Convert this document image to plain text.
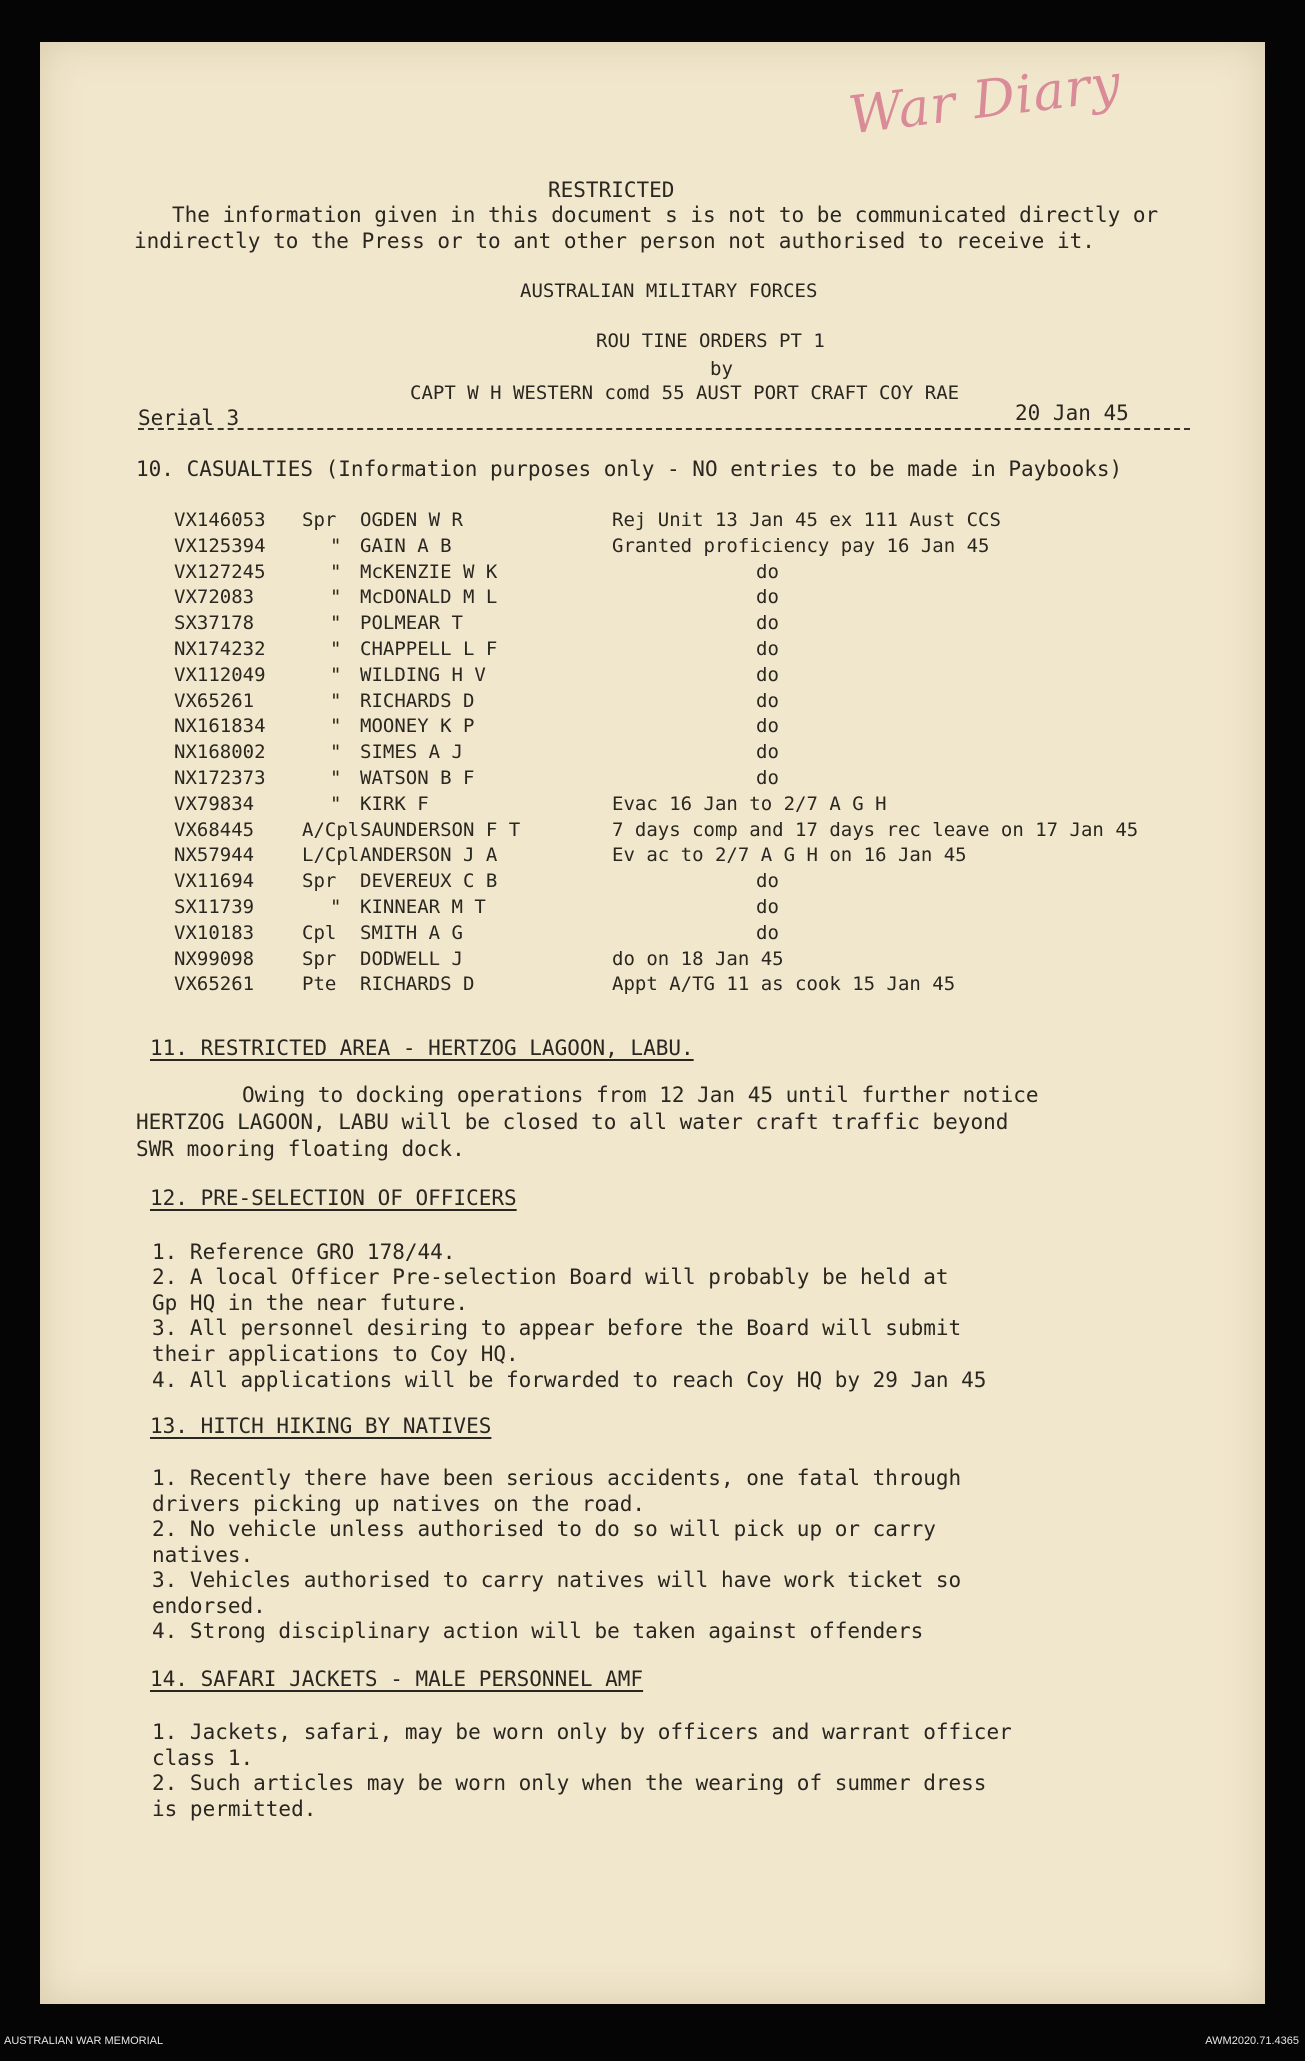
War Diary
RESTRICTED
The information given in this document s is not to be communicated directly or
indirectly to the Press or to ant other person not authorised to receive it.
AUSTRALIAN MILITARY FORCES
ROU TINE ORDERS PT 1
by
CAPT W H WESTERN comd 55 AUST PORT CRAFT COY RAE
Serial 3	20 Jan 45
10. CASUALTIES (Information purposes only - NO entries to be made in Paybooks)
VX146053 Spr OGDEN W R	Rej Unit 13 Jan 45 ex 111 Aust CCS
VX125394	" GAIN A B	Granted proficiency pay 16 Jan 45
VX127245	" McKENZIE W K	do
VX72083	" McDONALD M L	do
SX37178	" POLMEAR T	do
NX174232	" CHAPPELL L F	do
VX112049	" WILDING H V	do
VX65261	" RICHARDS D	do
NX161834	" MOONEY K P	do
NX168002	" SIMES A J	do
NX172373	" WATSON B F	do
VX79834	" KIRK F	Evac 16 Jan to 2/7 A G H
VX68445	A/Cpl SAUNDERSON F T	7 days comp and 17 days rec leave on 17 Jan 45
NX57944	L/Cpl ANDERSON J A	Ev ac to 2/7 A G H on 16 Jan 45
VX11694	Spr DEVEREUX C B	do
SX11739	" KINNEAR M T	do
VX10183	Cpl SMITH A G	do
NX99098	Spr DODWELL J	do on 18 Jan 45
VX65261	Pte RICHARDS D	Appt A/TG 11 as cook 15 Jan 45
11. RESTRICTED AREA - HERTZOG LAGOON, LABU.
Owing to docking operations from 12 Jan 45 until further notice
HERTZOG LAGOON, LABU will be closed to all water craft traffic beyond
SWR mooring floating dock.
12. PRE-SELECTION OF OFFICERS
1. Reference GRO 178/44.
2. A local Officer Pre-selection Board will probably be held at
Gp HQ in the near future.
3. All personnel desiring to appear before the Board will submit
their applications to Coy HQ.
4. All applications will be forwarded to reach Coy HQ by 29 Jan 45
13. HITCH HIKING BY NATIVES
1. Recently there have been serious accidents, one fatal through
drivers picking up natives on the road.
2. No vehicle unless authorised to do so will pick up or carry
natives.
3. Vehicles authorised to carry natives will have work ticket so
endorsed.
4. Strong disciplinary action will be taken against offenders
14. SAFARI JACKETS - MALE PERSONNEL AMF
1. Jackets, safari, may be worn only by officers and warrant officer
class 1.
2. Such articles may be worn only when the wearing of summer dress
is permitted.
AUSTRALIAN WAR MEMORIAL	AWM2020.71.4365
